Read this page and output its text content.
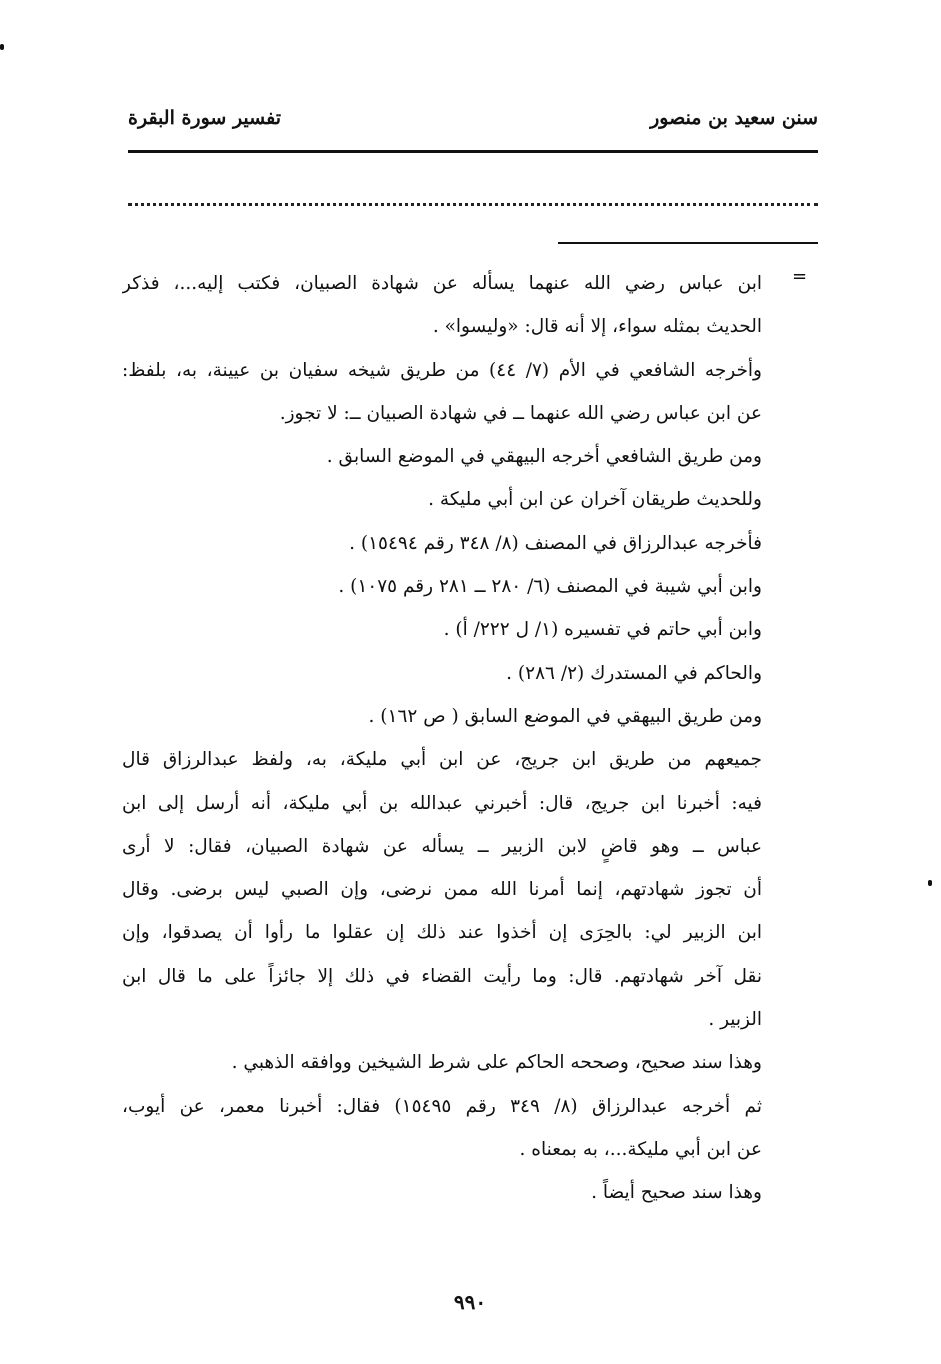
سنن سعيد بن منصور
تفسير سورة البقرة
=
ابن عباس رضي الله عنهما يسأله عن شهادة الصبيان، فكتب إليه...، فذكر
الحديث بمثله سواء، إلا أنه قال: «وليسوا» .
وأخرجه الشافعي في الأم (٧/ ٤٤) من طريق شيخه سفيان بن عيينة، به، بلفظ:
عن ابن عباس رضي الله عنهما ــ في شهادة الصبيان ــ: لا تجوز.
ومن طريق الشافعي أخرجه البيهقي في الموضع السابق .
وللحديث طريقان آخران عن ابن أبي مليكة .
فأخرجه عبدالرزاق في المصنف (٨/ ٣٤٨ رقم ١٥٤٩٤) .
وابن أبي شيبة في المصنف (٦/ ٢٨٠ ــ ٢٨١ رقم ١٠٧٥) .
وابن أبي حاتم في تفسيره (١/ ل ٢٢٢/ أ) .
والحاكم في المستدرك (٢/ ٢٨٦) .
ومن طريق البيهقي في الموضع السابق ( ص ١٦٢) .
جميعهم من طريق ابن جريج، عن ابن أبي مليكة، به، ولفظ عبدالرزاق قال
فيه: أخبرنا ابن جريج، قال: أخبرني عبدالله بن أبي مليكة، أنه أرسل إلى ابن
عباس ــ وهو قاضٍ لابن الزبير ــ يسأله عن شهادة الصبيان، فقال: لا أرى
أن تجوز شهادتهم، إنما أمرنا الله ممن نرضى، وإن الصبي ليس برضى. وقال
ابن الزبير لي: بالحِرَى إن أخذوا عند ذلك إن عقلوا ما رأوا أن يصدقوا، وإن
نقل آخر شهادتهم. قال: وما رأيت القضاء في ذلك إلا جائزاً على ما قال ابن
الزبير .
وهذا سند صحيح، وصححه الحاكم على شرط الشيخين ووافقه الذهبي .
ثم أخرجه عبدالرزاق (٨/ ٣٤٩ رقم ١٥٤٩٥) فقال: أخبرنا معمر، عن أيوب،
عن ابن أبي مليكة...، به بمعناه .
وهذا سند صحيح أيضاً .
٩٩٠
